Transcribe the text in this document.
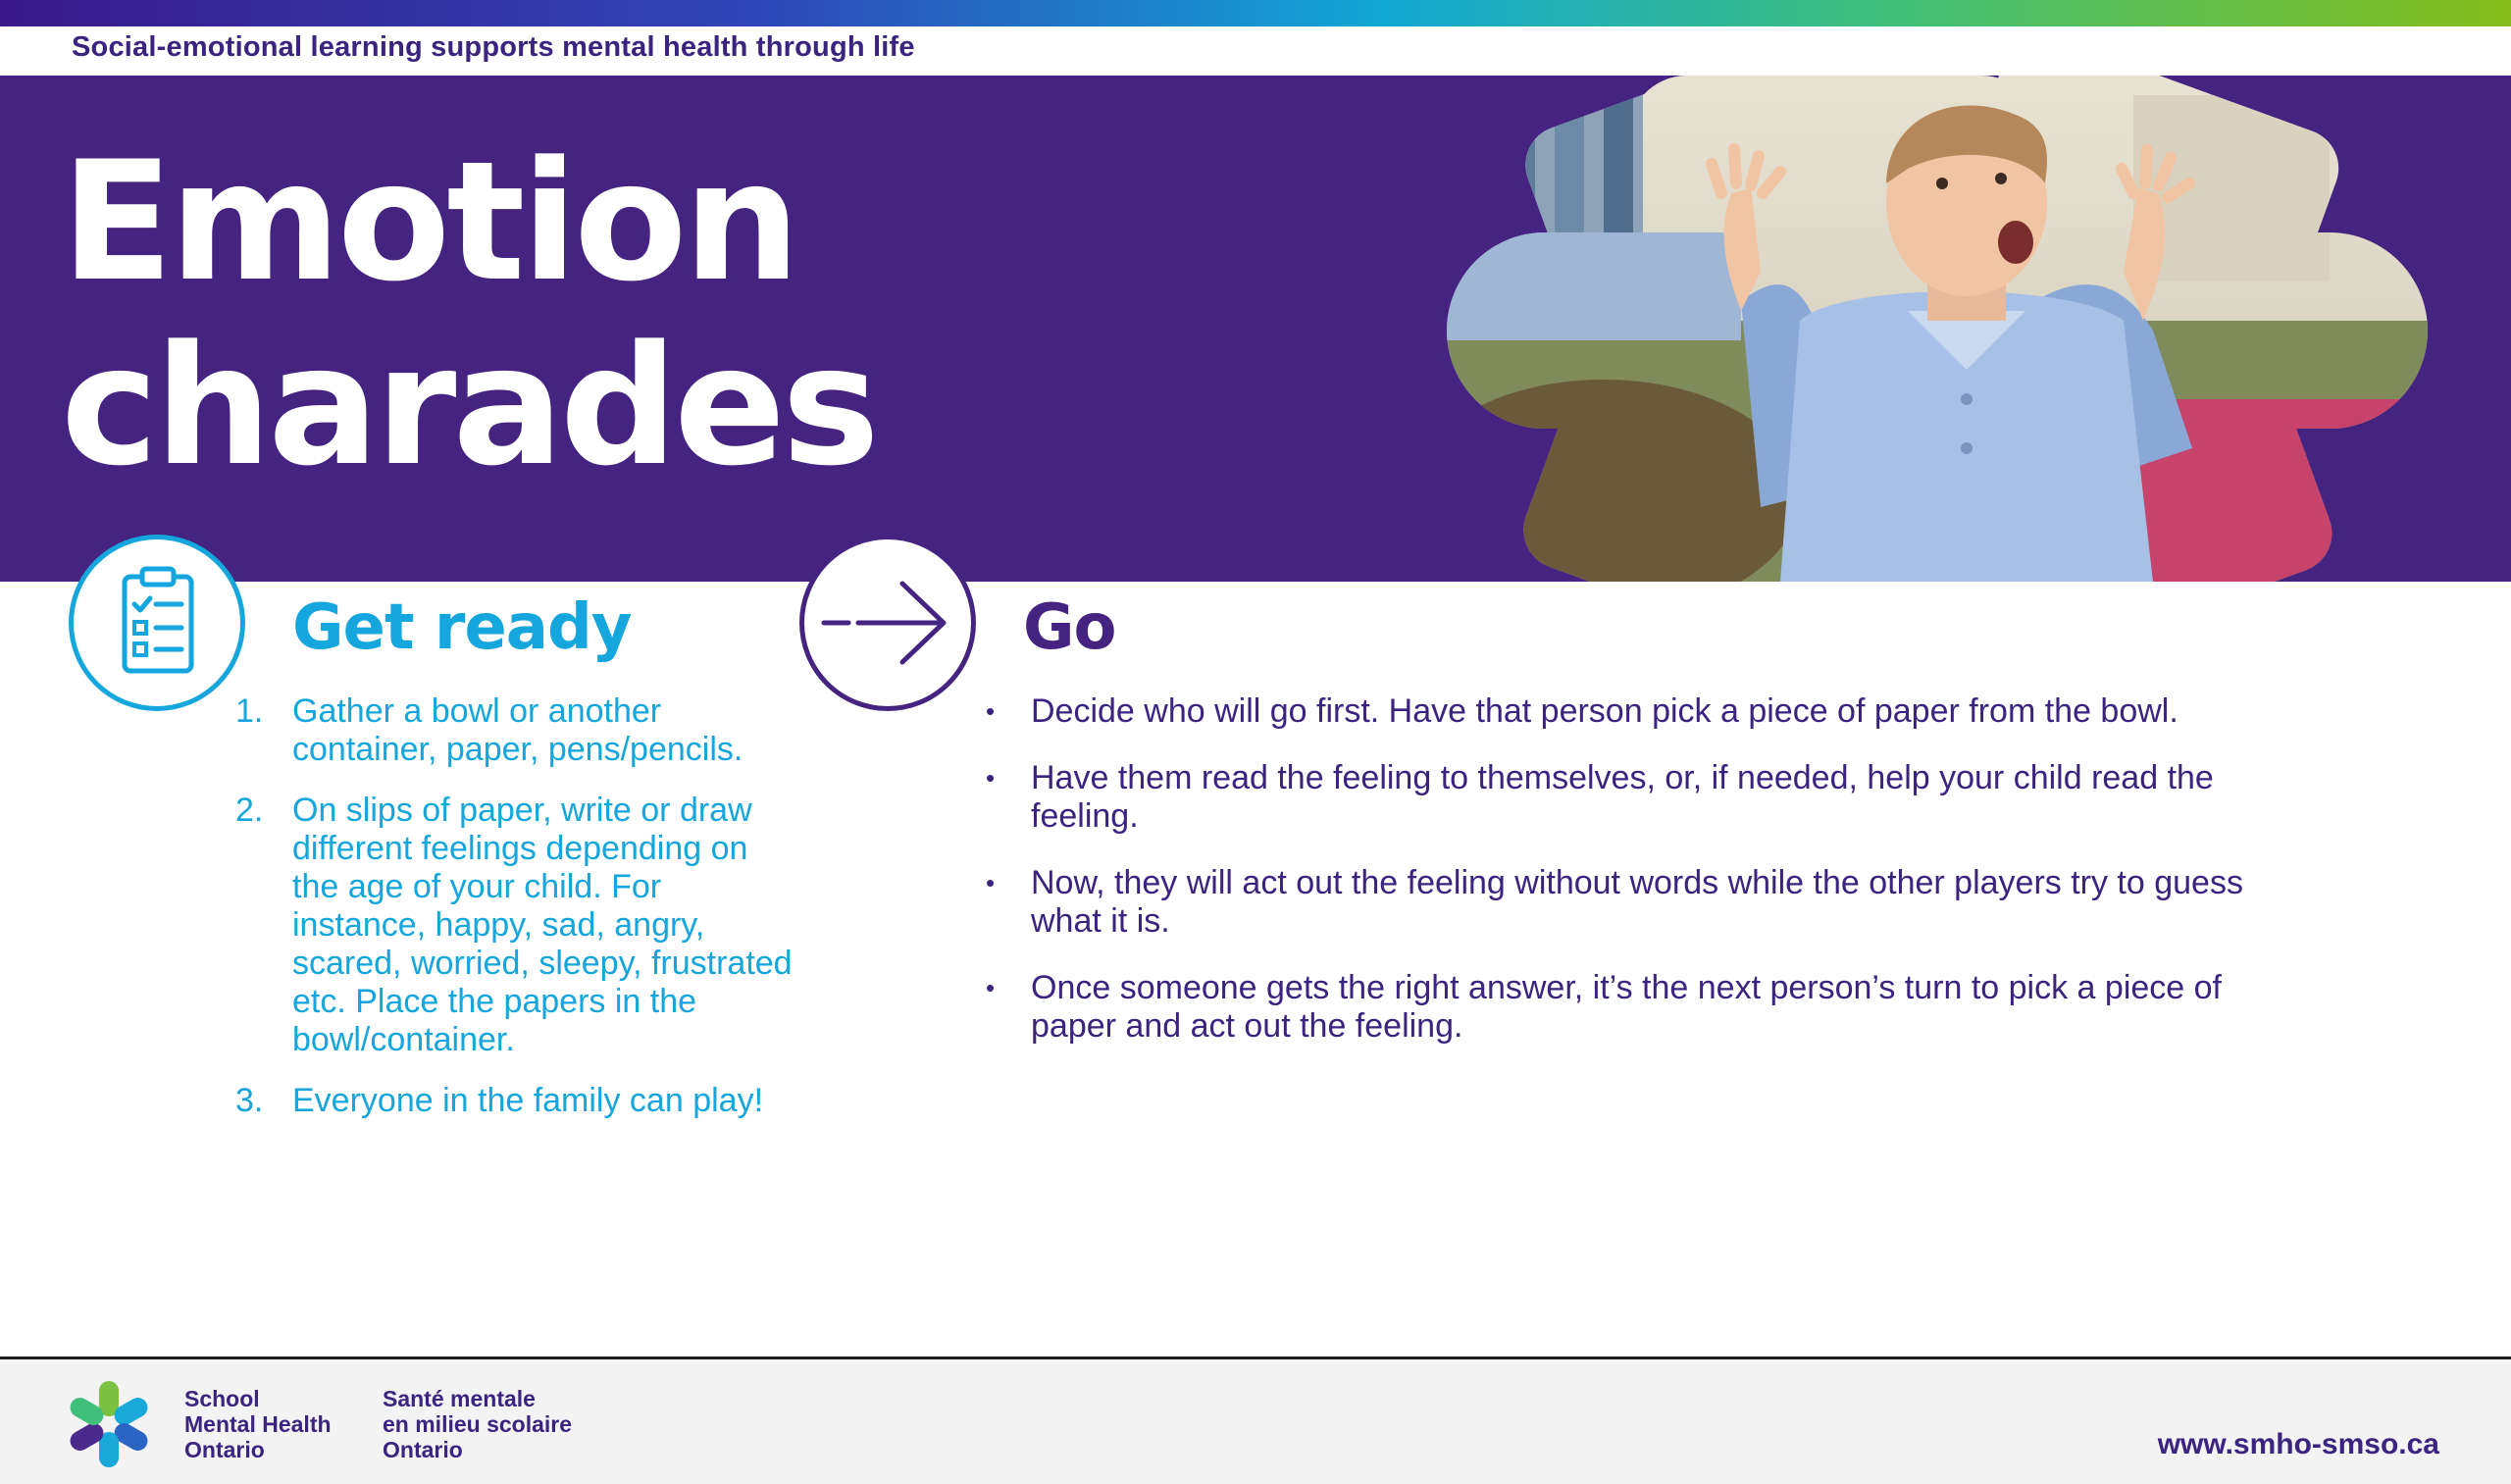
Social-emotional learning supports mental health through life
Emotion
charades
Get ready
1. Gather a bowl or another container, paper, pens/pencils.
2. On slips of paper, write or draw different feelings depending on the age of your child. For instance, happy, sad, angry, scared, worried, sleepy, frustrated etc. Place the papers in the bowl/container.
3. Everyone in the family can play!
Go
• Decide who will go first. Have that person pick a piece of paper from the bowl.
• Have them read the feeling to themselves, or, if needed, help your child read the feeling.
• Now, they will act out the feeling without words while the other players try to guess what it is.
• Once someone gets the right answer, it’s the next person’s turn to pick a piece of paper and act out the feeling.
School
Mental Health
Ontario
Santé mentale
en milieu scolaire
Ontario	www.smho-smso.ca
